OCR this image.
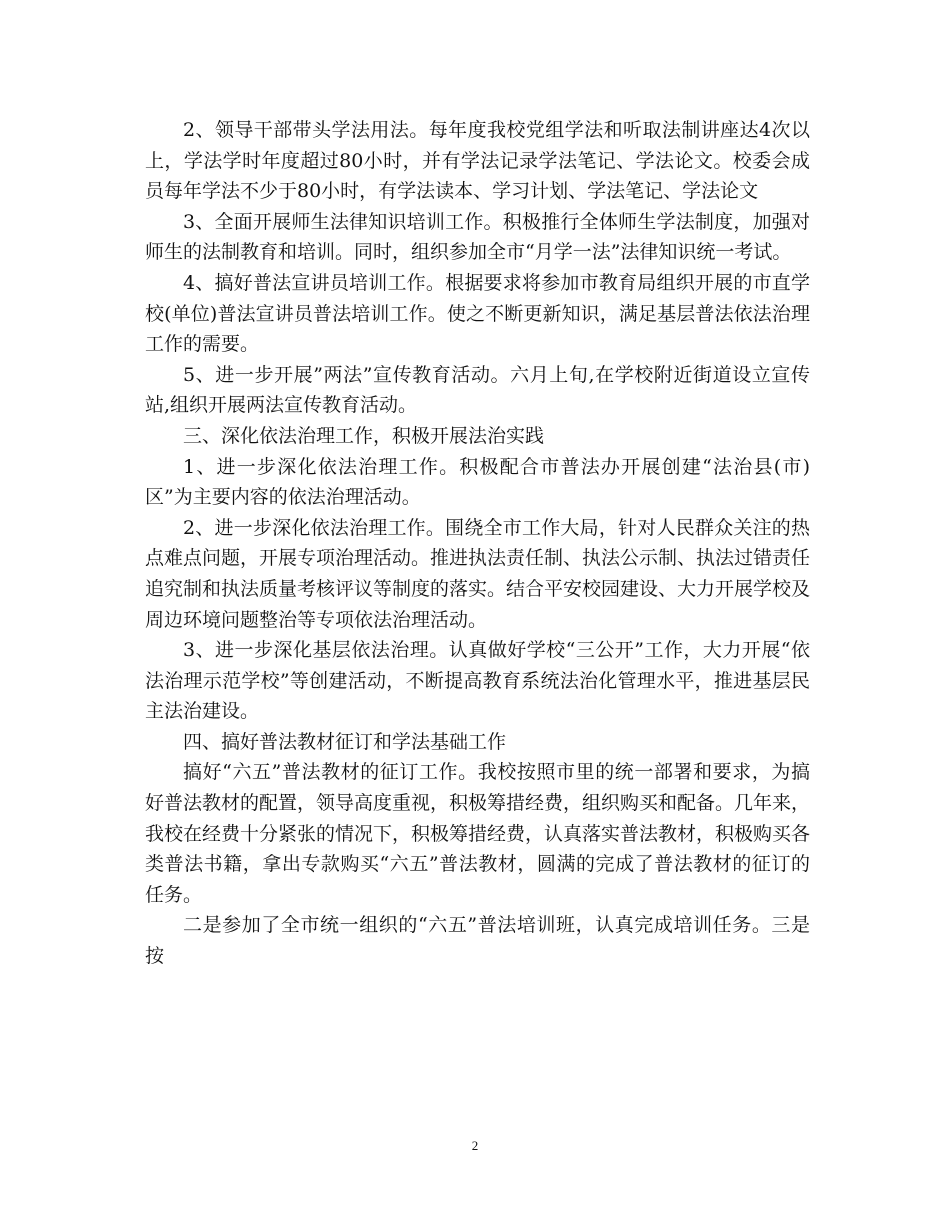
2、领导干部带头学法用法。每年度我校党组学法和听取法制讲座达4次以上，学法学时年度超过80小时，并有学法记录学法笔记、学法论文。校委会成员每年学法不少于80小时，有学法读本、学习计划、学法笔记、学法论文

3、全面开展师生法律知识培训工作。积极推行全体师生学法制度，加强对师生的法制教育和培训。同时，组织参加全市“月学一法”法律知识统一考试。

4、搞好普法宣讲员培训工作。根据要求将参加市教育局组织开展的市直学校(单位)普法宣讲员普法培训工作。使之不断更新知识，满足基层普法依法治理工作的需要。

5、进一步开展”两法”宣传教育活动。六月上旬,在学校附近街道设立宣传站,组织开展两法宣传教育活动。

三、深化依法治理工作，积极开展法治实践

1、进一步深化依法治理工作。积极配合市普法办开展创建“法治县(市)区”为主要内容的依法治理活动。

2、进一步深化依法治理工作。围绕全市工作大局，针对人民群众关注的热点难点问题，开展专项治理活动。推进执法责任制、执法公示制、执法过错责任追究制和执法质量考核评议等制度的落实。结合平安校园建设、大力开展学校及周边环境问题整治等专项依法治理活动。

3、进一步深化基层依法治理。认真做好学校“三公开”工作，大力开展“依法治理示范学校”等创建活动，不断提高教育系统法治化管理水平，推进基层民主法治建设。

四、搞好普法教材征订和学法基础工作

搞好“六五”普法教材的征订工作。我校按照市里的统一部署和要求，为搞好普法教材的配置，领导高度重视，积极筹措经费，组织购买和配备。几年来，我校在经费十分紧张的情况下，积极筹措经费，认真落实普法教材，积极购买各类普法书籍，拿出专款购买“六五”普法教材，圆满的完成了普法教材的征订的任务。

二是参加了全市统一组织的“六五”普法培训班，认真完成培训任务。三是按

2
